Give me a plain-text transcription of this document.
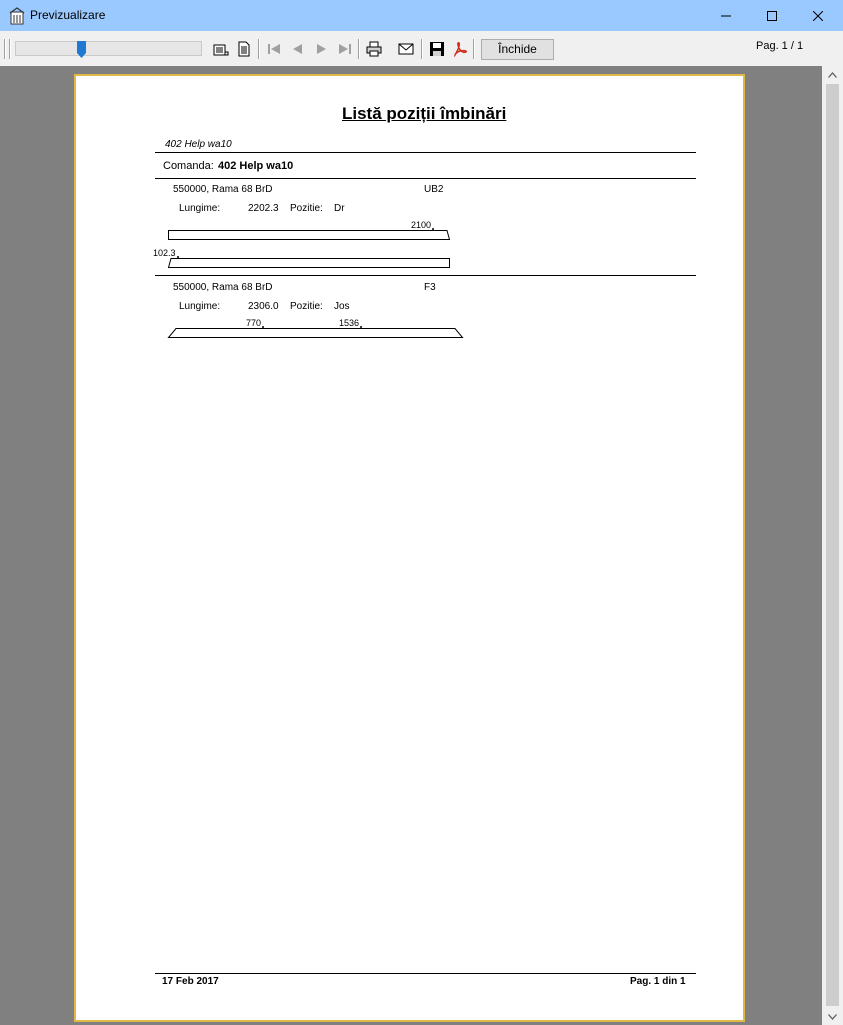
Previzualizare
Închide	Pag. 1 / 1
Listă poziții îmbinări
402 Help wa10
Comanda: 402 Help wa10
550000, Rama 68 BrD	UB2
Lungime:	2202.3 Pozitie: Dr
2100
102.3
550000, Rama 68 BrD	F3
Lungime:	2306.0 Pozitie: Jos
770	1536
17 Feb 2017	Pag. 1 din 1
